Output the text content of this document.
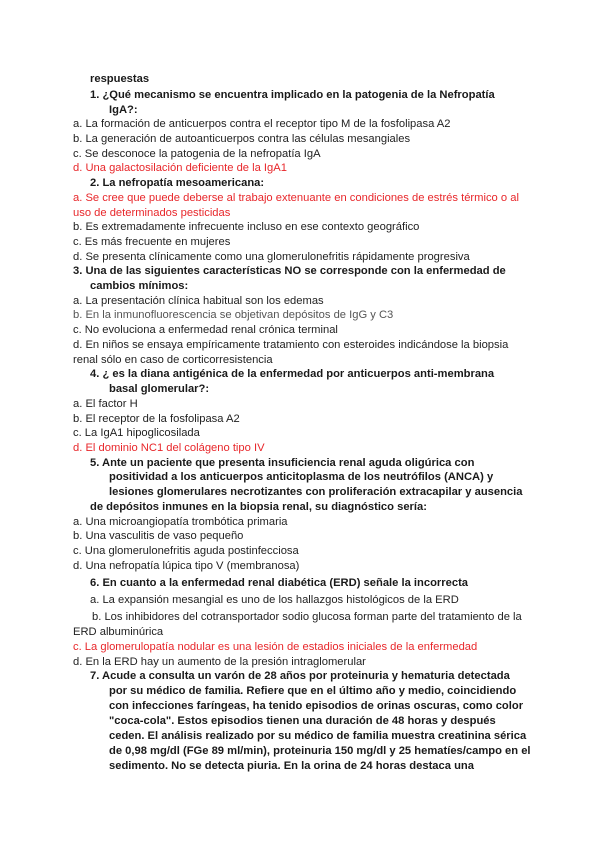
respuestas
1. ¿Qué mecanismo se encuentra implicado en la patogenia de la Nefropatía
IgA?:
a. La formación de anticuerpos contra el receptor tipo M de la fosfolipasa A2
b. La generación de autoanticuerpos contra las células mesangiales
c. Se desconoce la patogenia de la nefropatía IgA
d. Una galactosilación deficiente de la IgA1
2. La nefropatía mesoamericana:
a. Se cree que puede deberse al trabajo extenuante en condiciones de estrés térmico o al
uso de determinados pesticidas
b. Es extremadamente infrecuente incluso en ese contexto geográfico
c. Es más frecuente en mujeres
d. Se presenta clínicamente como una glomerulonefritis rápidamente progresiva
3. Una de las siguientes características NO se corresponde con la enfermedad de
cambios mínimos:
a. La presentación clínica habitual son los edemas
b. En la inmunofluorescencia se objetivan depósitos de IgG y C3
c. No evoluciona a enfermedad renal crónica terminal
d. En niños se ensaya empíricamente tratamiento con esteroides indicándose la biopsia
renal sólo en caso de corticorresistencia
4. ¿ es la diana antigénica de la enfermedad por anticuerpos anti-membrana
basal glomerular?:
a. El factor H
b. El receptor de la fosfolipasa A2
c. La IgA1 hipoglicosilada
d. El dominio NC1 del colágeno tipo IV
5. Ante un paciente que presenta insuficiencia renal aguda oligúrica con
positividad a los anticuerpos anticitoplasma de los neutrófilos (ANCA) y
lesiones glomerulares necrotizantes con proliferación extracapilar y ausencia
de depósitos inmunes en la biopsia renal, su diagnóstico sería:
a. Una microangiopatía trombótica primaria
b. Una vasculitis de vaso pequeño
c. Una glomerulonefritis aguda postinfecciosa
d. Una nefropatía lúpica tipo V (membranosa)
6. En cuanto a la enfermedad renal diabética (ERD) señale la incorrecta
a. La expansión mesangial es uno de los hallazgos histológicos de la ERD
b. Los inhibidores del cotransportador sodio glucosa forman parte del tratamiento de la
ERD albuminúrica
c. La glomerulopatía nodular es una lesión de estadios iniciales de la enfermedad
d. En la ERD hay un aumento de la presión intraglomerular
7. Acude a consulta un varón de 28 años por proteinuria y hematuria detectada
por su médico de familia. Refiere que en el último año y medio, coincidiendo
con infecciones faríngeas, ha tenido episodios de orinas oscuras, como color
"coca-cola". Estos episodios tienen una duración de 48 horas y después
ceden. El análisis realizado por su médico de familia muestra creatinina sérica
de 0,98 mg/dl (FGe 89 ml/min), proteinuria 150 mg/dl y 25 hematíes/campo en el
sedimento. No se detecta piuria. En la orina de 24 horas destaca una
